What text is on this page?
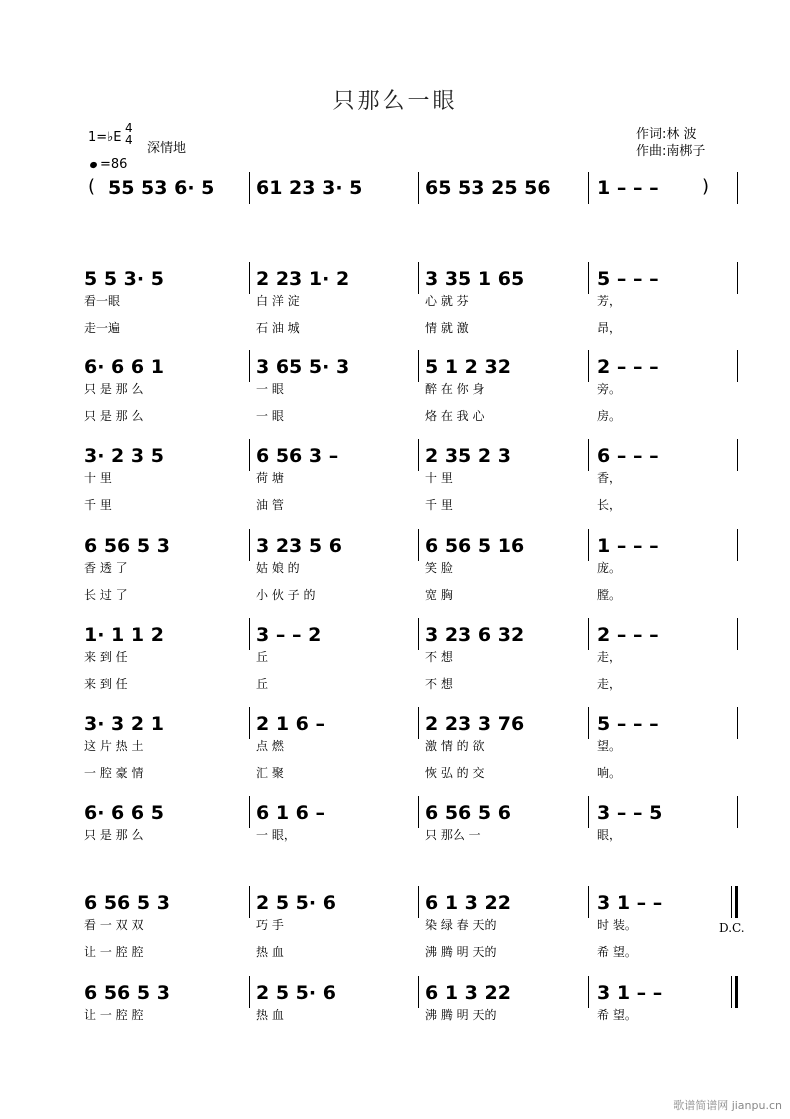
只那么一眼
1=♭E
4
4
深情地
=86
作词:林 波
作曲:南梆子
( 55 53 6· 5 61 23 3· 5	65 53 25 56 1 – – – )
5 5 3· 5
看一眼
走一遍
2 23 1· 2
白 洋 淀
石 油 城
3 35 1 65
心 就 芬
情 就 激
5 – – –
芳，
昂，
6· 6 6 1
只 是 那 么
只 是 那 么
3 65 5· 3
一 眼
一 眼
5 1 2 32
醉 在 你 身
烙 在 我 心
2 – – –
旁。
房。
3· 2 3 5
十 里
千 里
6 56 3 –
荷 塘
油 管
2 35 2 3
十 里
千 里
6 – – –
香，
长，
6 56 5 3
香 透 了
长 过 了
3 23 5 6
姑 娘 的
小 伙 子 的
6 56 5 16
笑 脸
宽 胸
1 – – –
庞。
膛。
1· 1 1 2
来 到 任
来 到 任
3 – – 2
丘
丘
3 23 6 32
不 想
不 想
2 – – –
走，
走，
3· 3 2 1
这 片 热 土
一 腔 豪 情
2 1 6 –
点 燃
汇 聚
2 23 3 76
激 情 的 欲
恢 弘 的 交
5 – – –
望。
响。
6· 6 6 5
只 是 那 么
6 1 6 –
一 眼，
6 56 5 6
只 那么 一
3 – – 5
眼，
6 56 5 3
看 一 双 双
让 一 腔 腔
2 5 5· 6
巧 手
热 血
6 1 3 22
染 绿 春 天的
沸 腾 明 天的
3 1 – –
时 装。
希 望。
6 56 5 3
让 一 腔 腔
2 5 5· 6
热 血
6 1 3 22
沸 腾 明 天的
3 1 – –
希 望。
D.C.
歌谱简谱网 jianpu.cn
